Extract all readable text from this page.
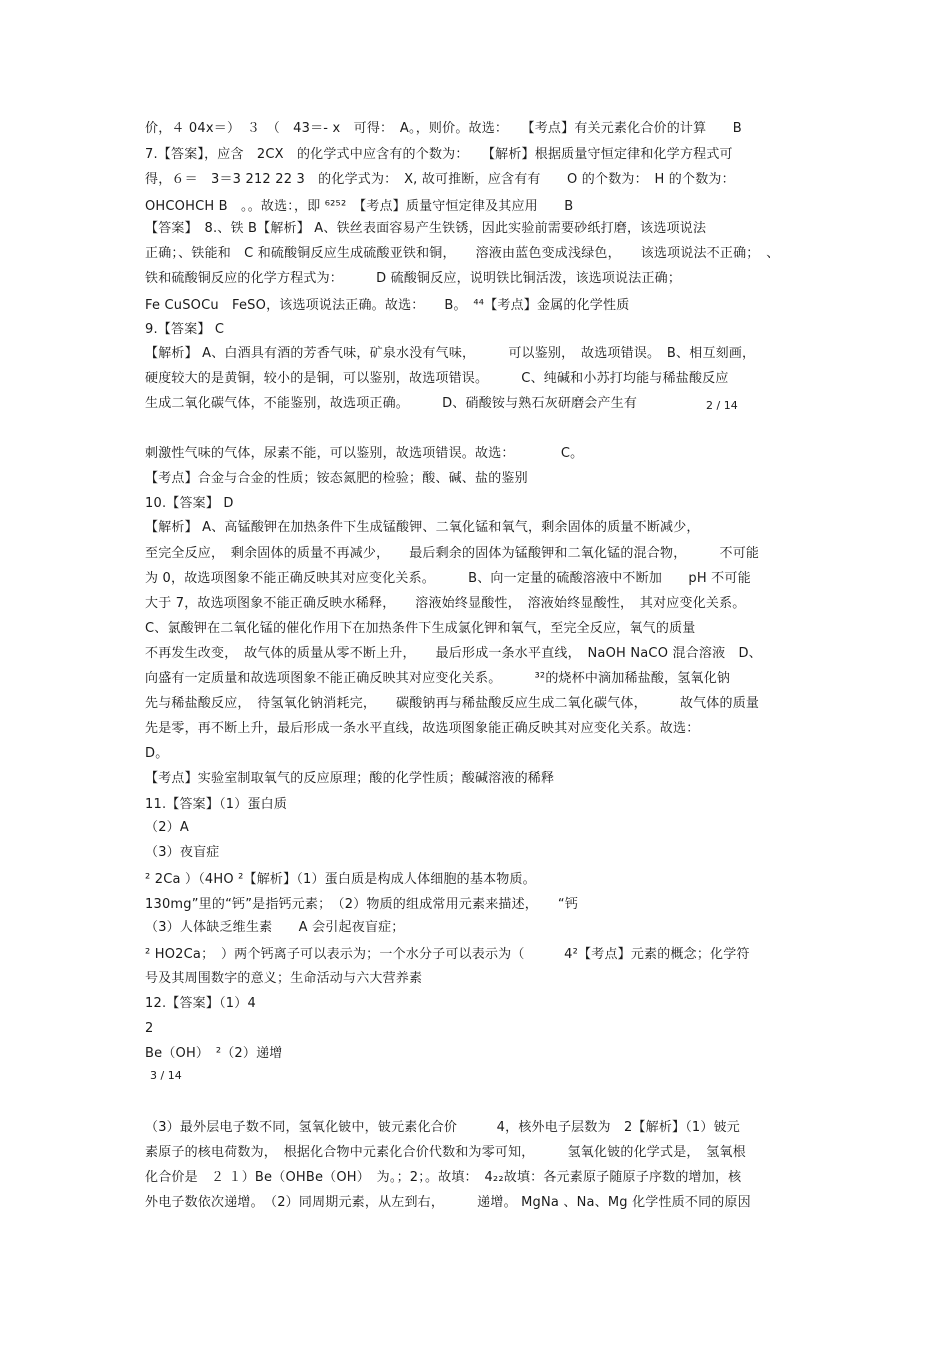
价，４ 04x＝）　３　（　43＝- x　可得：　A。，则价。故选：　　【考点】有关元素化合价的计算　　B
7.【答案】，应含　2CX　的化学式中应含有的个数为：　　【解析】根据质量守恒定律和化学方程式可
得，６＝　3＝3 212 22 3　的化学式为：　X, 故可推断，应含有有　　O 的个数为：　H 的个数为：
OHCOHCH B　。。故选：，即 ⁶²⁵²　【考点】质量守恒定律及其应用　　B
【答案】　8.、铁 B【解析】 A、铁丝表面容易产生铁锈，因此实验前需要砂纸打磨，该选项说法
正确；、铁能和　C 和硫酸铜反应生成硫酸亚铁和铜，　　溶液由蓝色变成浅绿色，　　该选项说法不正确；　、
铁和硫酸铜反应的化学方程式为：　　　D 硫酸铜反应，说明铁比铜活泼，该选项说法正确；
Fe CuSOCu　FeSO，该选项说法正确。故选：　　B。　⁴⁴【考点】金属的化学性质
9.【答案】 C
【解析】 A、白酒具有酒的芳香气味，矿泉水没有气味，　　　可以鉴别，　故选项错误。　B、相互刻画，
硬度较大的是黄铜，较小的是铜，可以鉴别，故选项错误。　　　C、纯碱和小苏打均能与稀盐酸反应
生成二氧化碳气体，不能鉴别，故选项正确。　　　D、硝酸铵与熟石灰研磨会产生有	2 / 14
刺激性气味的气体，尿素不能，可以鉴别，故选项错误。故选：　　　　C。
【考点】合金与合金的性质；铵态氮肥的检验；酸、碱、盐的鉴别
10.【答案】 D
【解析】 A、高锰酸钾在加热条件下生成锰酸钾、二氧化锰和氧气，剩余固体的质量不断减少，
至完全反应，　剩余固体的质量不再减少，　　最后剩余的固体为锰酸钾和二氧化锰的混合物，　　　不可能
为 0，故选项图象不能正确反映其对应变化关系。　　　B、向一定量的硫酸溶液中不断加　　pH 不可能
大于 7，故选项图象不能正确反映水稀释，　　溶液始终显酸性，　溶液始终显酸性，　其对应变化关系。
C、氯酸钾在二氧化锰的催化作用下在加热条件下生成氯化钾和氧气，至完全反应，氧气的质量
不再发生改变，　故气体的质量从零不断上升，　　最后形成一条水平直线，　NaOH NaCO 混合溶液　D、
向盛有一定质量和故选项图象不能正确反映其对应变化关系。　　　³²的烧杯中滴加稀盐酸，氢氧化钠
先与稀盐酸反应，　待氢氧化钠消耗完，　　碳酸钠再与稀盐酸反应生成二氧化碳气体，　　　故气体的质量
先是零，再不断上升，最后形成一条水平直线，故选项图象能正确反映其对应变化关系。故选：
D。
【考点】实验室制取氧气的反应原理；酸的化学性质；酸碱溶液的稀释
11.【答案】（1）蛋白质
（2）A
（3）夜盲症
² 2Ca ）（4HO ²【解析】（1）蛋白质是构成人体细胞的基本物质。
130mg”里的“钙”是指钙元素；　（2）物质的组成常用元素来描述，　　“钙
（3）人体缺乏维生素　　A 会引起夜盲症；
² HO2Ca；　）两个钙离子可以表示为；一个水分子可以表示为（　　　4²【考点】元素的概念；化学符
号及其周围数字的意义；生命活动与六大营养素
12.【答案】（1）4
2
Be（OH）　²（2）递增
3 / 14
（3）最外层电子数不同，氢氧化铍中，铍元素化合价　　　4，核外电子层数为　2【解析】（1）铍元
素原子的核电荷数为，　根据化合物中元素化合价代数和为零可知，　　　氢氧化铍的化学式是，　氢氧根
化合价是　２ １）Be（OHBe（OH）　为。；2；。故填：　4₂₂故填：各元素原子随原子序数的增加，核
外电子数依次递增。　（2）同周期元素，从左到右，　　　递增。 MgNa 、Na、Mg 化学性质不同的原因
